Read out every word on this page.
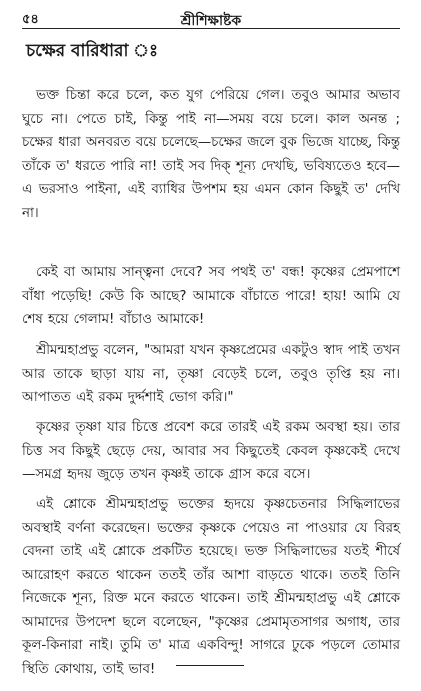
৫৪	শ্রীশিক্ষাষ্টক
চক্ষের বারিধারা ঃ

ভক্ত চিন্তা করে চলে, কত যুগ পেরিয়ে গেল। তবুও আমার অভাব ঘুচে না। পেতে চাই, কিন্তু পাই না—সময় বয়ে চলে। কাল অনন্ত ; চক্ষের ধারা অনবরত বয়ে চলেছে—চক্ষের জলে বুক ভিজে যাচ্ছে, কিন্তু তাঁকে ত' ধরতে পারি না! তাই সব দিক্ শূন্য দেখছি, ভবিষ্যতেও হবে—এ ভরসাও পাইনা, এই ব্যাধির উপশম হয় এমন কোন কিছুই ত' দেখি না।

কেই বা আমায় সান্ত্বনা দেবে? সব পথই ত' বন্ধ! কৃষ্ণের প্রেমপাশে বাঁধা পড়েছি! কেউ কি আছে? আমাকে বাঁচাতে পারে! হায়! আমি যে শেষ হয়ে গেলাম! বাঁচাও আমাকে!

শ্রীমন্মহাপ্রভু বলেন, "আমরা যখন কৃষ্ণপ্রেমের একটুও স্বাদ পাই তখন আর তাকে ছাড়া যায় না, তৃষ্ণা বেড়েই চলে, তবুও তৃপ্তি হয় না। আপাতত এই রকম দুর্দ্দশাই ভোগ করি।"

কৃষ্ণের তৃষ্ণা যার চিত্তে প্রবেশ করে তারই এই রকম অবস্থা হয়। তার চিত্ত সব কিছুই ছেড়ে দেয়, আবার সব কিছুতেই কেবল কৃষ্ণকেই দেখে—সমগ্র হৃদয় জুড়ে তখন কৃষ্ণই তাকে গ্রাস করে বসে।

এই শ্লোকে শ্রীমন্মহাপ্রভু ভক্তের হৃদয়ে কৃষ্ণচেতনার সিদ্ধিলাভের অবস্থাই বর্ণনা করেছেন। ভক্তের কৃষ্ণকে পেয়েও না পাওয়ার যে বিরহ বেদনা তাই এই শ্লোকে প্রকটিত হয়েছে। ভক্ত সিদ্ধিলাভের যতই শীর্ষে আরোহণ করতে থাকেন ততই তাঁর আশা বাড়তে থাকে। ততই তিনি নিজেকে শূন্য, রিক্ত মনে করতে থাকেন। তাই শ্রীমন্মহাপ্রভু এই শ্লোকে আমাদের উপদেশ ছলে বলেছেন, "কৃষ্ণের প্রেমামৃতসাগর অগাধ, তার কূল-কিনারা নাই। তুমি ত' মাত্র একবিন্দু! সাগরে ঢুকে পড়লে তোমার স্থিতি কোথায়, তাই ভাব!
